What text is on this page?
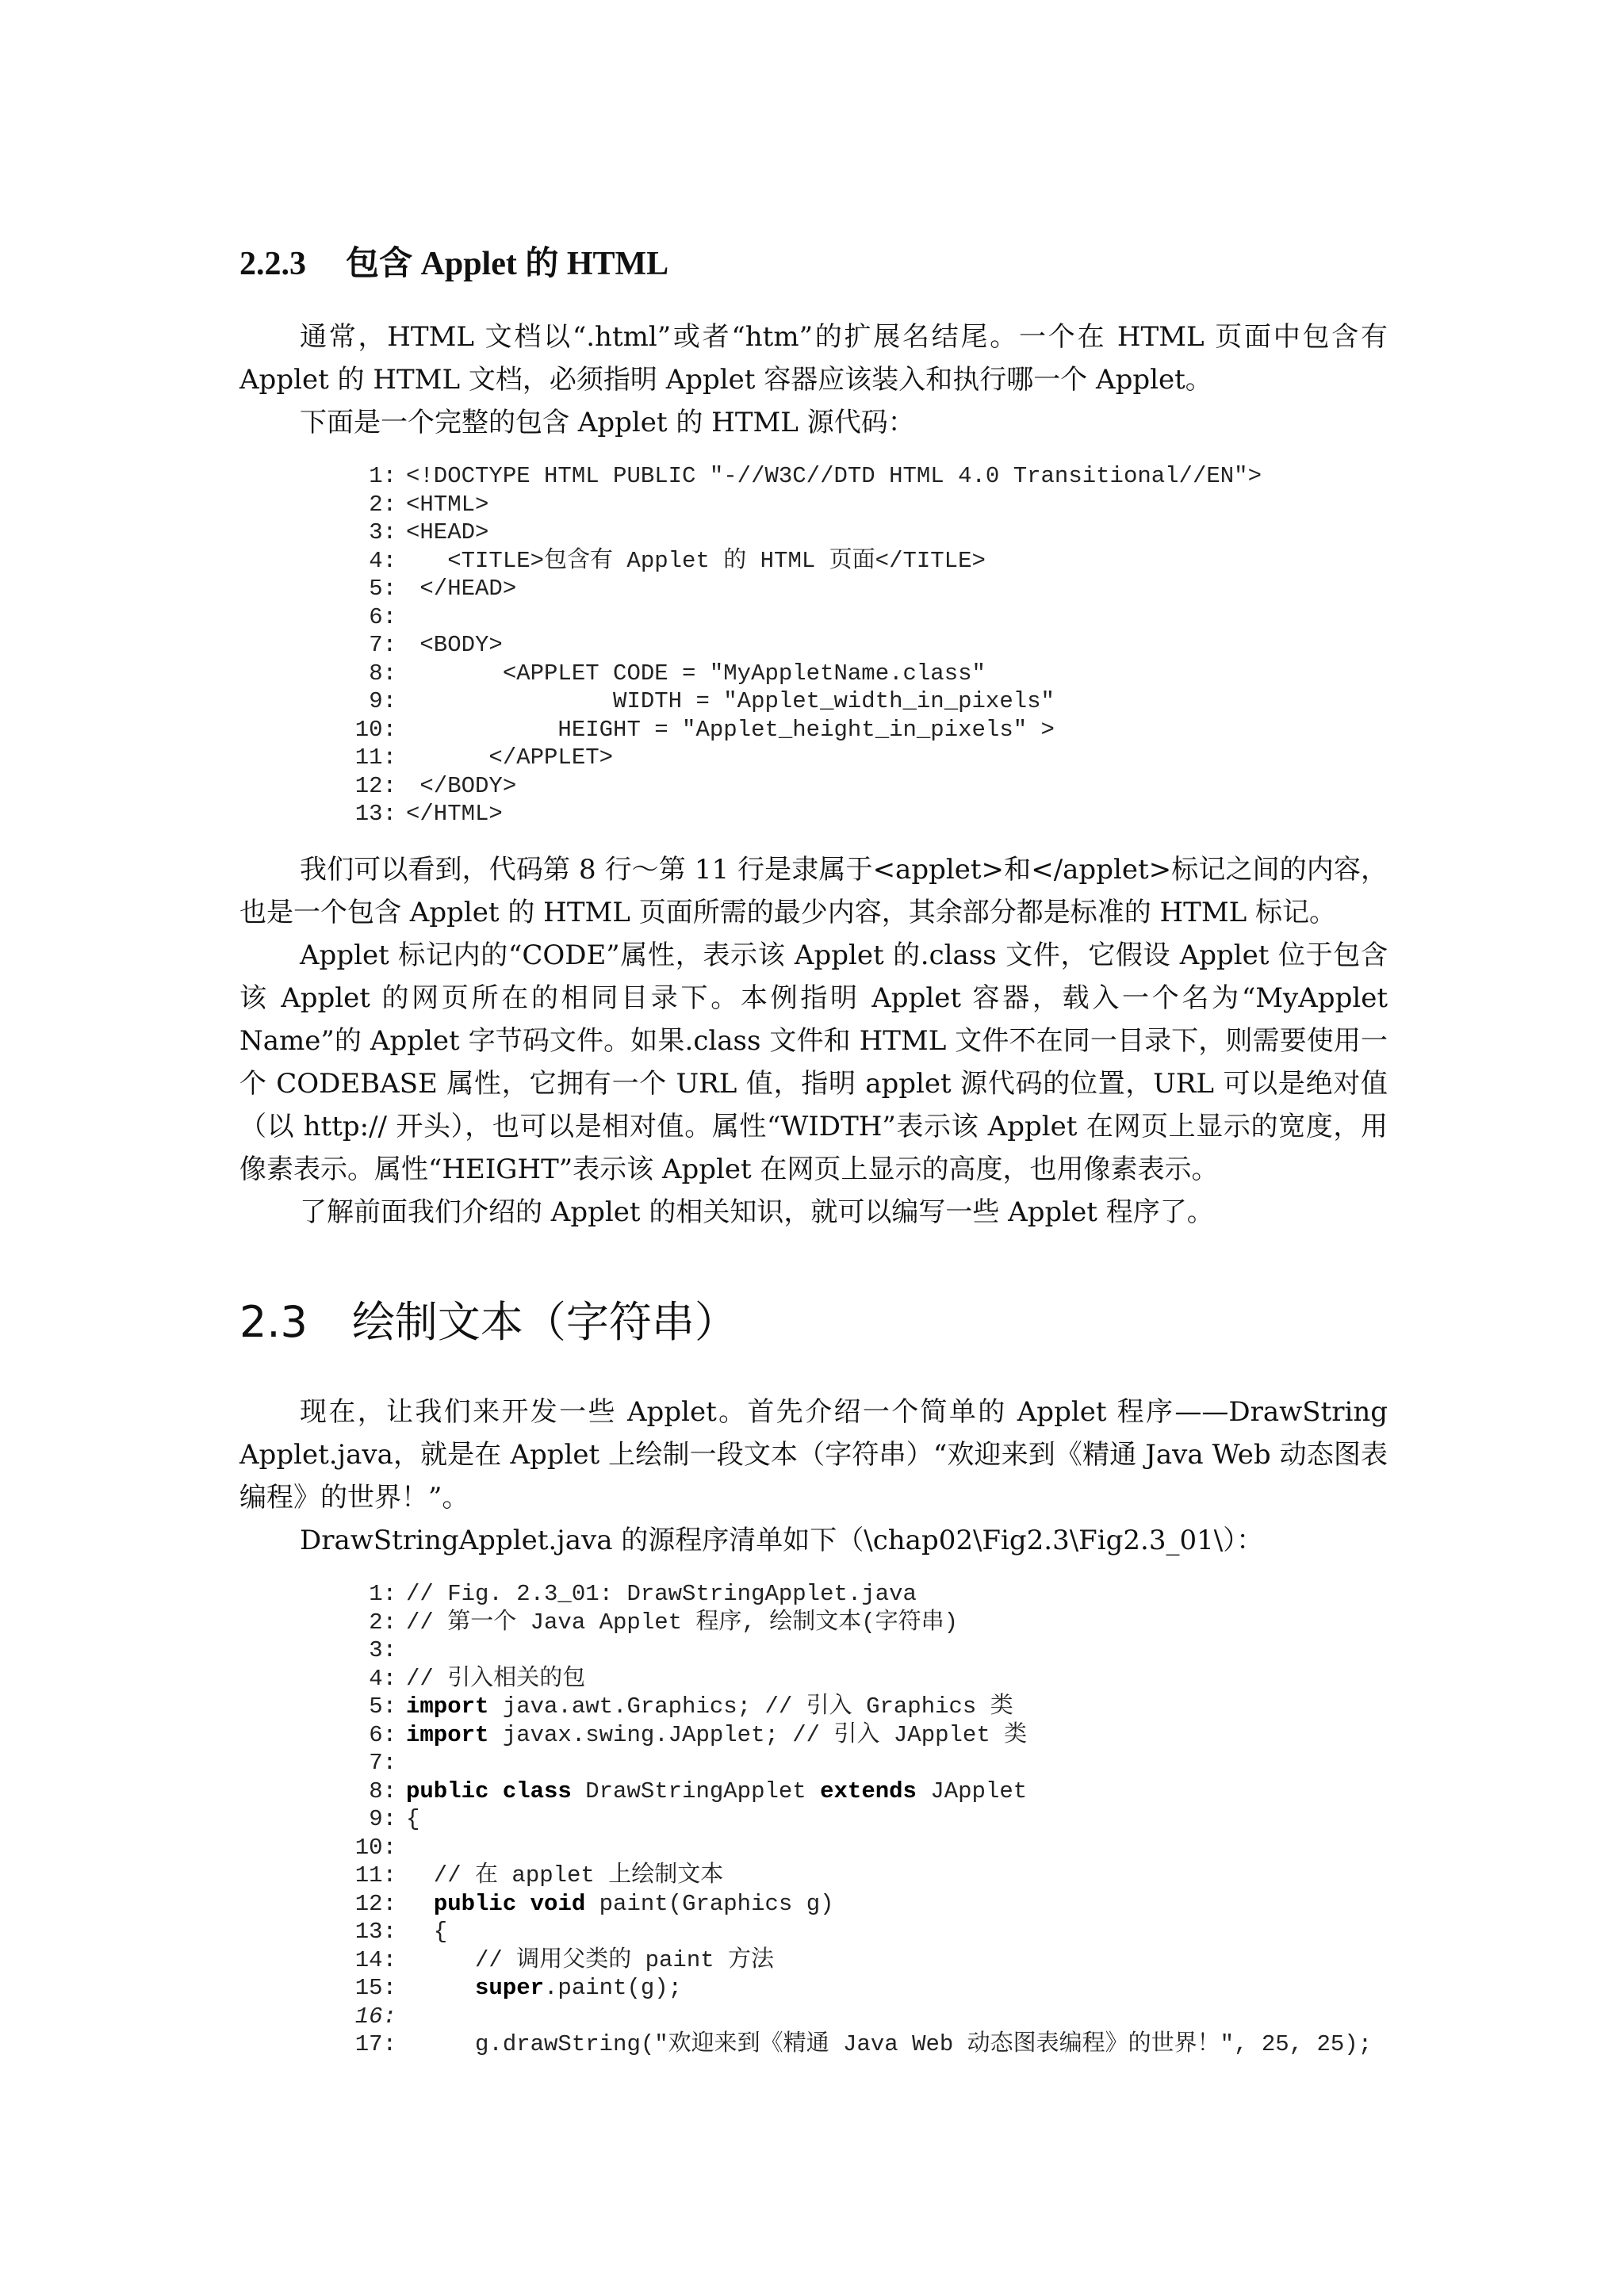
2.2.3 包含 Applet 的 HTML
通常，HTML 文档以“.html”或者“htm”的扩展名结尾。一个在 HTML 页面中包含有 Applet 的 HTML 文档，必须指明 Applet 容器应该装入和执行哪一个 Applet。
下面是一个完整的包含 Applet 的 HTML 源代码：
1: <!DOCTYPE HTML PUBLIC "-//W3C//DTD HTML 4.0 Transitional//EN">
2: <HTML>
3: <HEAD>
4:   <TITLE>包含有 Applet 的 HTML 页面</TITLE>
5: </HEAD>
6:
7: <BODY>
8:       <APPLET CODE = "MyAppletName.class"
9:               WIDTH = "Applet_width_in_pixels"
10:           HEIGHT = "Applet_height_in_pixels" >
11:      </APPLET>
12: </BODY>
13: </HTML>
我们可以看到，代码第 8 行～第 11 行是隶属于<applet>和</applet>标记之间的内容，也是一个包含 Applet 的 HTML 页面所需的最少内容，其余部分都是标准的 HTML 标记。
Applet 标记内的“CODE”属性，表示该 Applet 的.class 文件，它假设 Applet 位于包含该 Applet 的网页所在的相同目录下。本例指明 Applet 容器，载入一个名为“MyApplet Name”的 Applet 字节码文件。如果.class 文件和 HTML 文件不在同一目录下，则需要使用一个 CODEBASE 属性，它拥有一个 URL 值，指明 applet 源代码的位置，URL 可以是绝对值（以 http:// 开头），也可以是相对值。属性“WIDTH”表示该 Applet 在网页上显示的宽度，用像素表示。属性“HEIGHT”表示该 Applet 在网页上显示的高度，也用像素表示。
了解前面我们介绍的 Applet 的相关知识，就可以编写一些 Applet 程序了。
2.3 绘制文本（字符串）
现在，让我们来开发一些 Applet。首先介绍一个简单的 Applet 程序——DrawString Applet.java，就是在 Applet 上绘制一段文本（字符串）“欢迎来到《精通 Java Web 动态图表编程》的世界！”。
DrawStringApplet.java 的源程序清单如下（\chap02\Fig2.3\Fig2.3_01\）：
1: // Fig. 2.3_01: DrawStringApplet.java
2: // 第一个 Java Applet 程序, 绘制文本(字符串)
3:
4: // 引入相关的包
5: import java.awt.Graphics; // 引入 Graphics 类
6: import javax.swing.JApplet; // 引入 JApplet 类
7:
8: public class DrawStringApplet extends JApplet
9: {
10:
11:  // 在 applet 上绘制文本
12: public void paint(Graphics g)
13:  {
14:     // 调用父类的 paint 方法
15:	super.paint(g);
16:
17:     g.drawString("欢迎来到《精通 Java Web 动态图表编程》的世界！", 25, 25);
